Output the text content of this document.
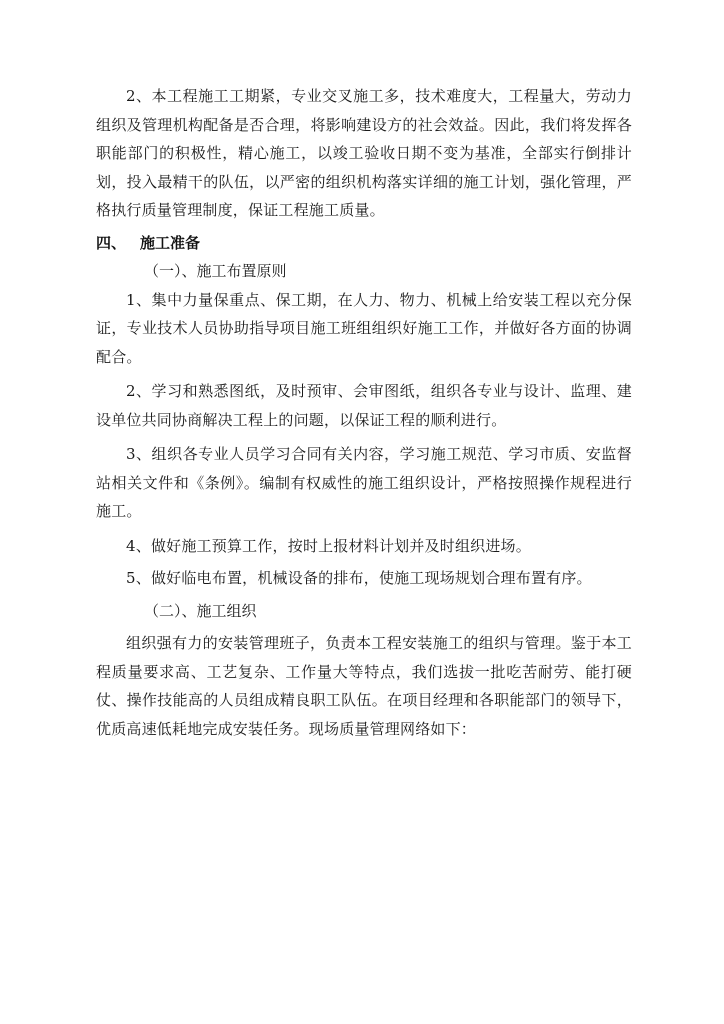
2、本工程施工工期紧，专业交叉施工多，技术难度大，工程量大，劳动力组织及管理机构配备是否合理，将影响建设方的社会效益。因此，我们将发挥各职能部门的积极性，精心施工，以竣工验收日期不变为基准，全部实行倒排计划，投入最精干的队伍，以严密的组织机构落实详细的施工计划，强化管理，严格执行质量管理制度，保证工程施工质量。

四、 施工准备

（一）、施工布置原则

1、集中力量保重点、保工期，在人力、物力、机械上给安装工程以充分保证，专业技术人员协助指导项目施工班组组织好施工工作，并做好各方面的协调配合。

2、学习和熟悉图纸，及时预审、会审图纸，组织各专业与设计、监理、建设单位共同协商解决工程上的问题，以保证工程的顺利进行。

3、组织各专业人员学习合同有关内容，学习施工规范、学习市质、安监督站相关文件和《条例》。编制有权威性的施工组织设计，严格按照操作规程进行施工。

4、做好施工预算工作，按时上报材料计划并及时组织进场。

5、做好临电布置，机械设备的排布，使施工现场规划合理布置有序。

（二）、施工组织

组织强有力的安装管理班子，负责本工程安装施工的组织与管理。鉴于本工程质量要求高、工艺复杂、工作量大等特点，我们选拔一批吃苦耐劳、能打硬仗、操作技能高的人员组成精良职工队伍。在项目经理和各职能部门的领导下，优质高速低耗地完成安装任务。现场质量管理网络如下：
